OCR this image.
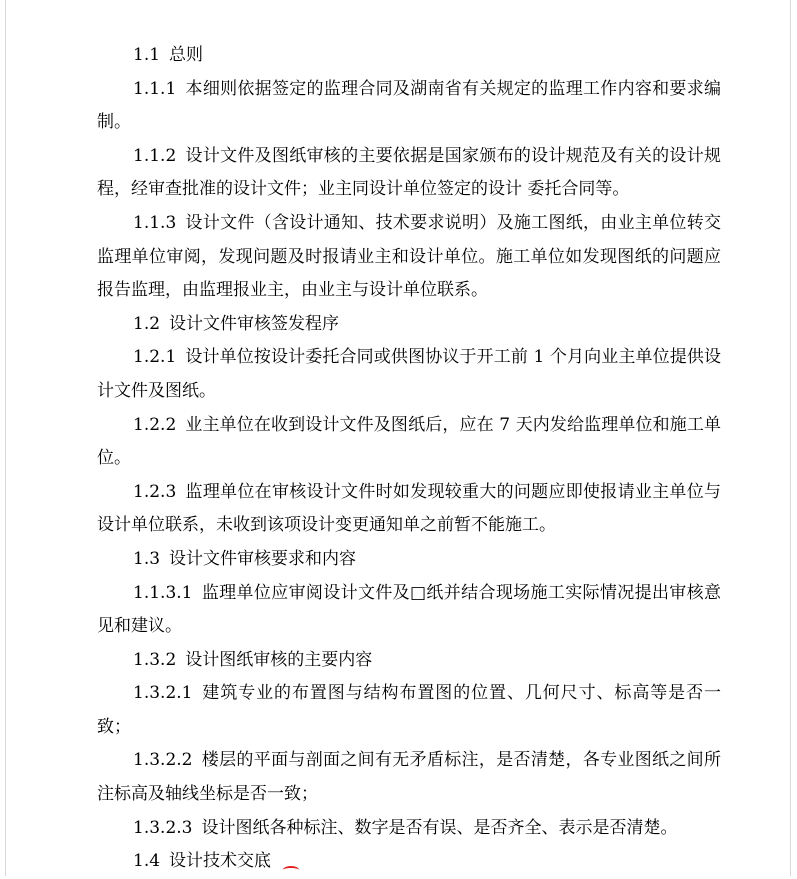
1.1 总则

1.1.1 本细则依据签定的监理合同及湖南省有关规定的监理工作内容和要求编制。

1.1.2 设计文件及图纸审核的主要依据是国家颁布的设计规范及有关的设计规程，经审查批准的设计文件；业主同设计单位签定的设计 委托合同等。

1.1.3 设计文件（含设计通知、技术要求说明）及施工图纸，由业主单位转交监理单位审阅，发现问题及时报请业主和设计单位。施工单位如发现图纸的问题应报告监理，由监理报业主，由业主与设计单位联系。

1.2 设计文件审核签发程序

1.2.1 设计单位按设计委托合同或供图协议于开工前 1 个月向业主单位提供设计文件及图纸。

1.2.2 业主单位在收到设计文件及图纸后，应在 7 天内发给监理单位和施工单位。

1.2.3 监理单位在审核设计文件时如发现较重大的问题应即使报请业主单位与设计单位联系，未收到该项设计变更通知单之前暂不能施工。

1.3 设计文件审核要求和内容

1.1.3.1 监理单位应审阅设计文件及□纸并结合现场施工实际情况提出审核意见和建议。

1.3.2 设计图纸审核的主要内容

1.3.2.1 建筑专业的布置图与结构布置图的位置、几何尺寸、标高等是否一致；

1.3.2.2 楼层的平面与剖面之间有无矛盾标注，是否清楚，各专业图纸之间所注标高及轴线坐标是否一致；

1.3.2.3 设计图纸各种标注、数字是否有误、是否齐全、表示是否清楚。

1.4 设计技术交底
